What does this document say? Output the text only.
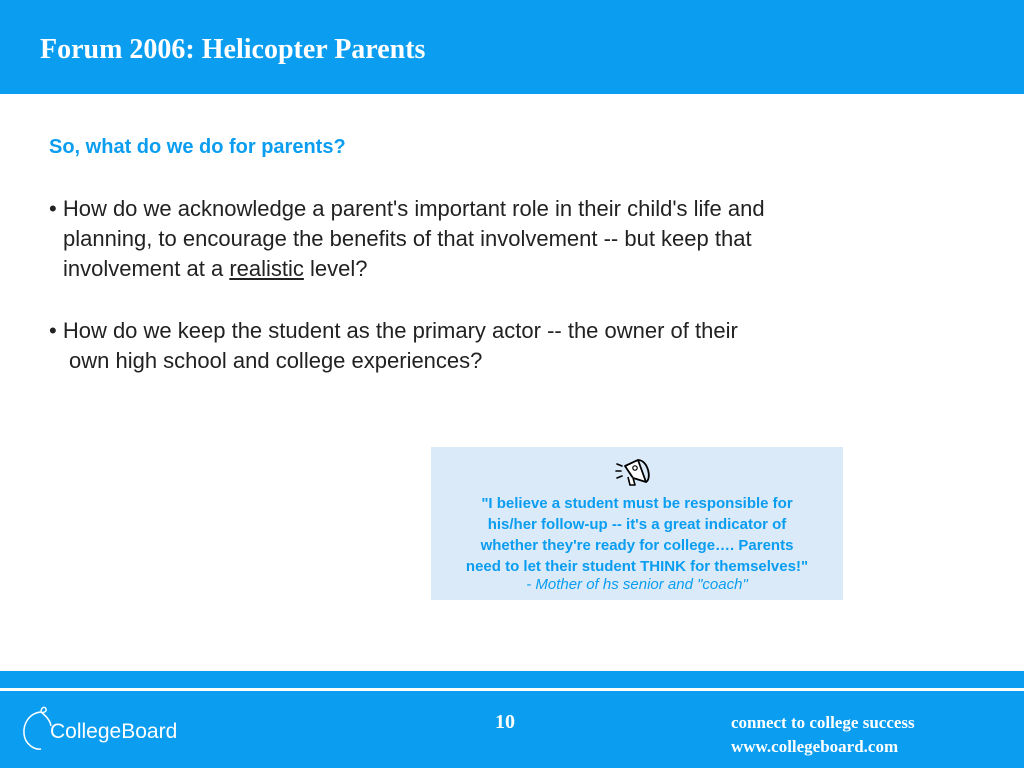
Forum 2006: Helicopter Parents
So, what do we do for parents?
• How do we acknowledge a parent's important role in their child's life and
planning, to encourage the benefits of that involvement -- but keep that
involvement at a realistic level?
• How do we keep the student as the primary actor -- the owner of their
own high school and college experiences?
"I believe a student must be responsible for
his/her follow-up -- it's a great indicator of
whether they're ready for college…. Parents
need to let their student THINK for themselves!"
- Mother of hs senior and "coach"
CollegeBoard	10	connect to college success
www.collegeboard.com
